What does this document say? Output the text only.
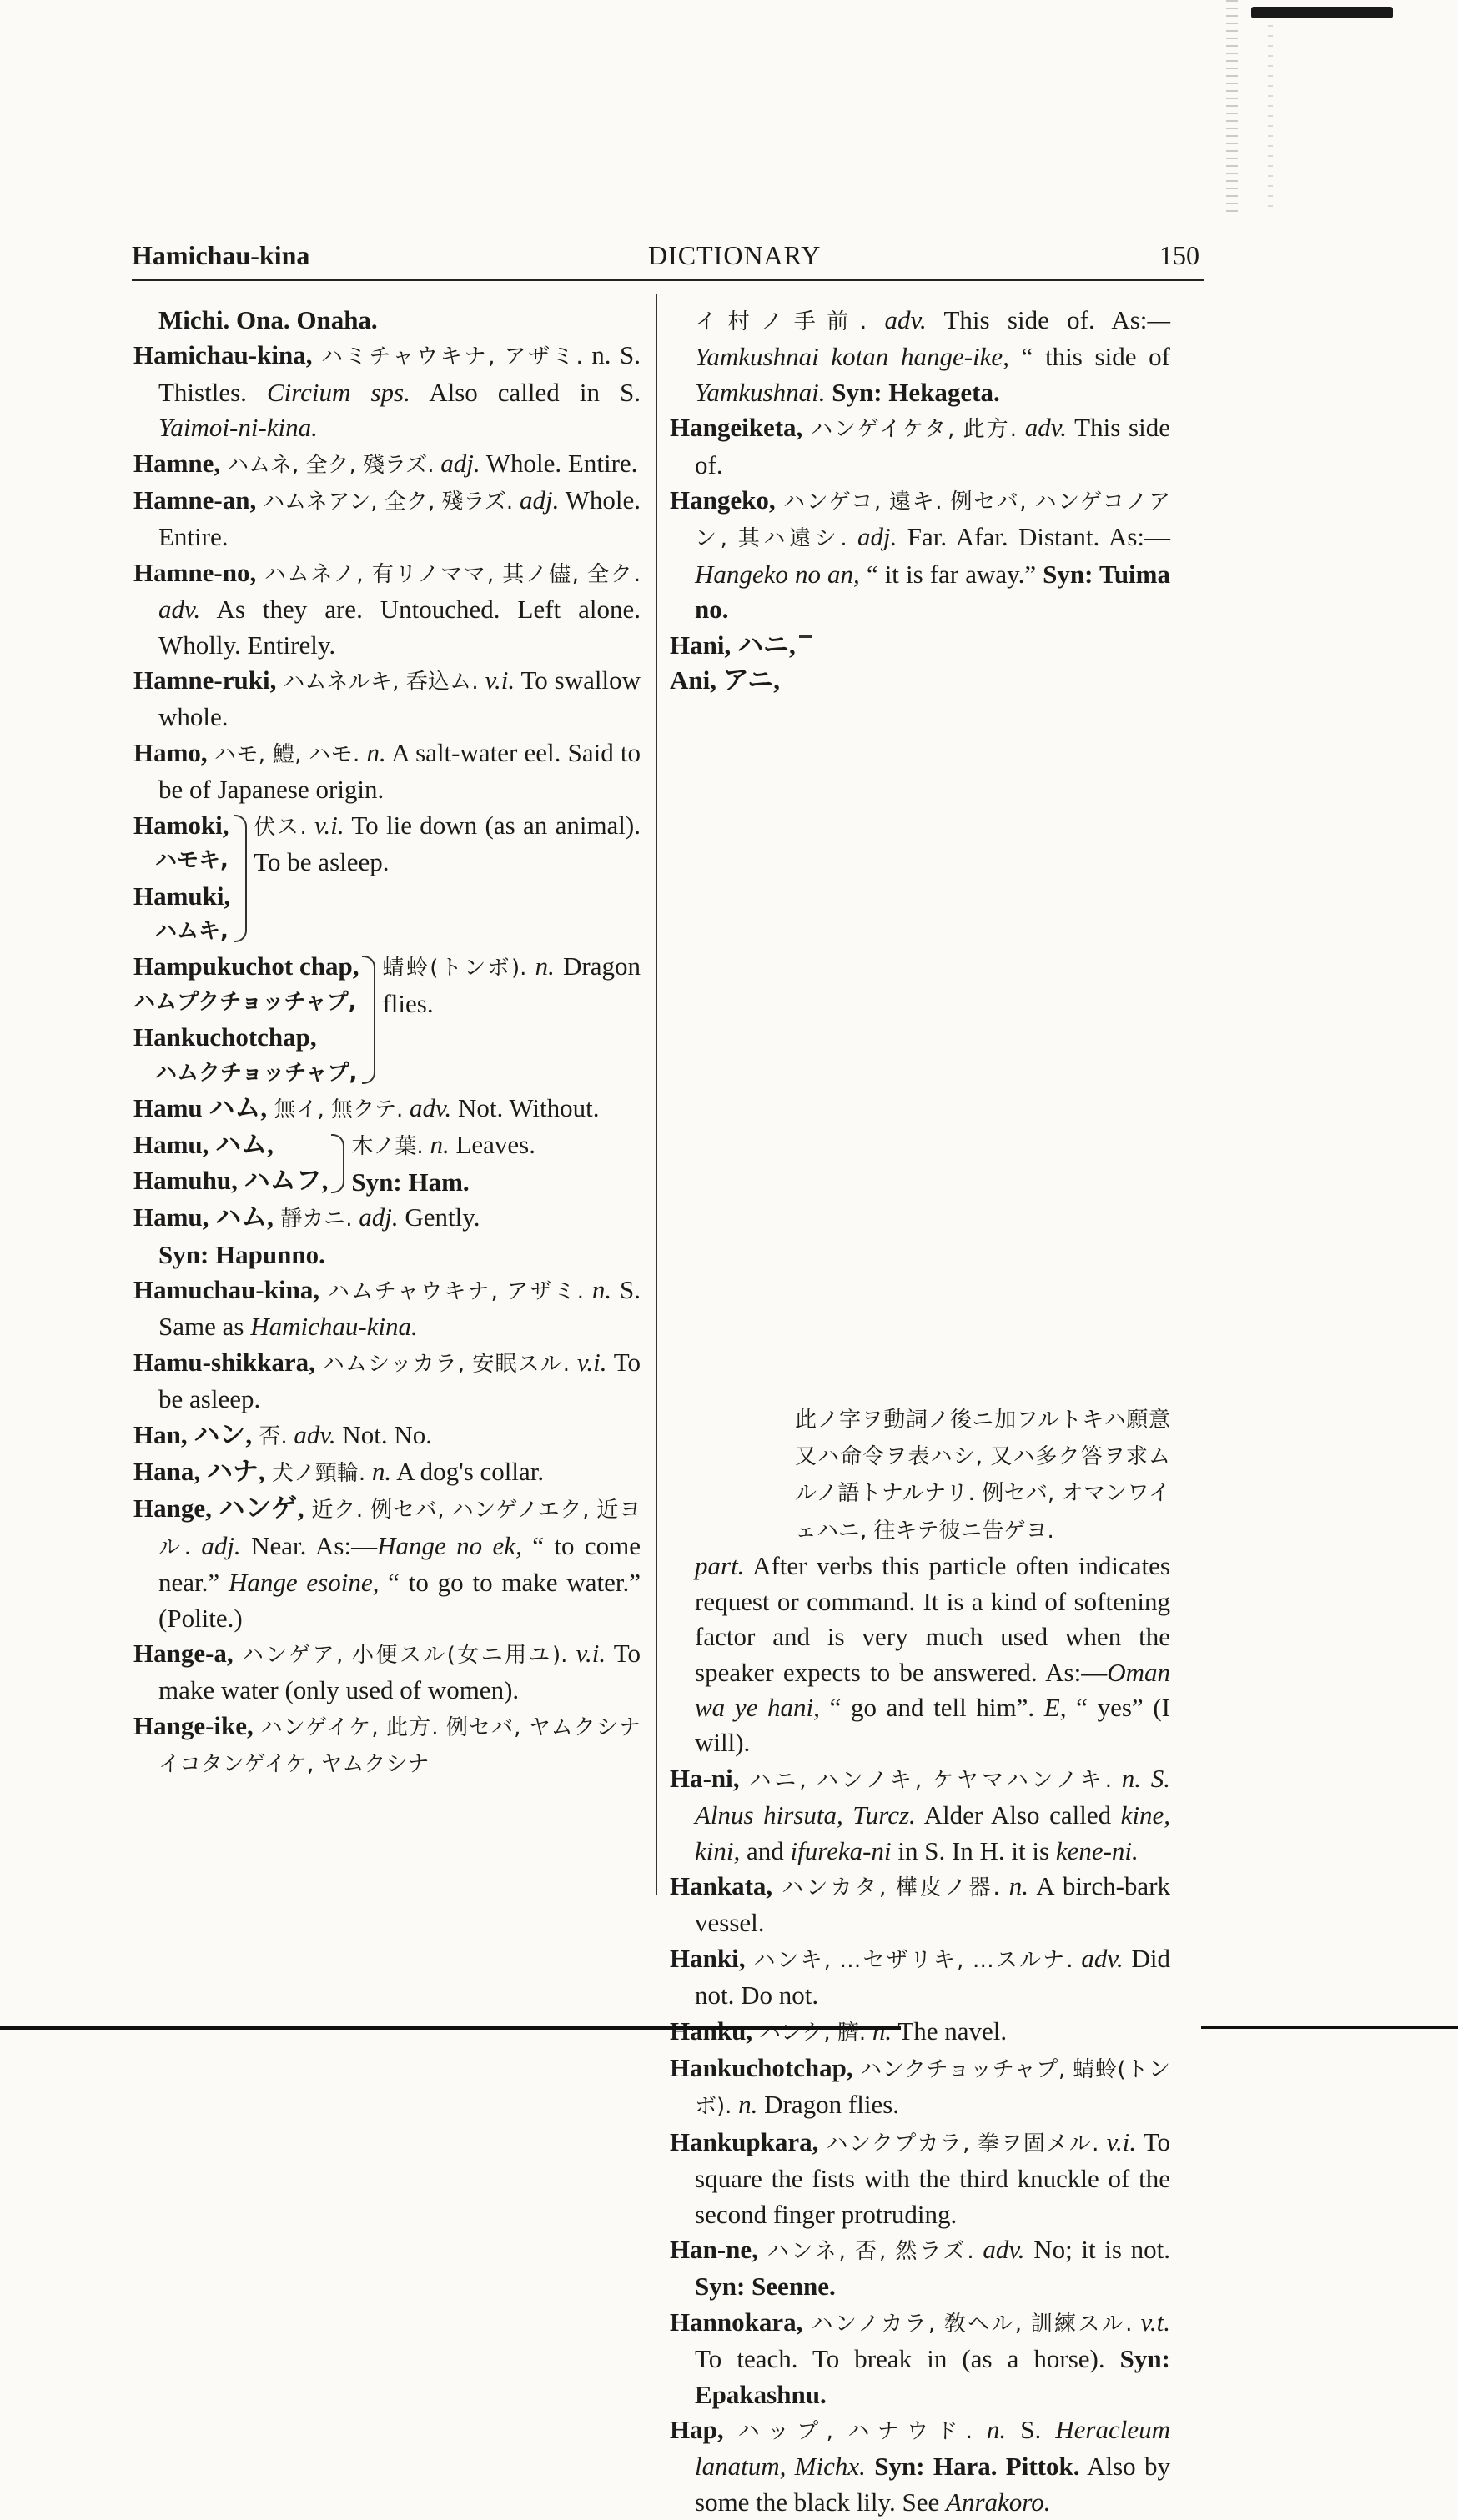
Hamichau-kina	DICTIONARY	150

Michi. Ona. Onaha.

Hamichau-kina, ハミチャウキナ, アザミ. n. S. Thistles. Circium sps. Also called in S. Yaimoi-ni-kina.

Hamne, ハムネ, 全ク, 殘ラズ. adj. Whole. Entire.

Hamne-an, ハムネアン, 全ク, 殘ラズ. adj. Whole. Entire.

Hamne-no, ハムネノ, 有リノママ, 其ノ儘, 全ク. adv. As they are. Untouched. Left alone. Wholly. Entirely.

Hamne-ruki, ハムネルキ, 呑込ム. v.i. To swallow whole.

Hamo, ハモ, 鱧, ハモ. n. A salt-water eel. Said to be of Japanese origin.

Hamoki,
ハモキ,
Hamuki,
ハムキ,
伏ス. v.i. To lie down (as an animal). To be asleep.
Hampukuchot chap,
ハムプクチョッチャプ,
Hankuchotchap,
ハムクチョッチャプ,
蜻蛉(トンボ). n. Dragon flies.

Hamu ハム, 無イ, 無クテ. adv. Not. Without.

Hamu, ハム,
Hamuhu, ハムフ,
木ノ葉. n. Leaves.
Syn: Ham.

Hamu, ハム, 靜カニ. adj. Gently.
Syn: Hapunno.

Hamuchau-kina, ハムチャウキナ, アザミ. n. S. Same as Hamichau-kina.

Hamu-shikkara, ハムシッカラ, 安眠スル. v.i. To be asleep.

Han, ハン, 否. adv. Not. No.

Hana, ハナ, 犬ノ頸輪. n. A dog's collar.

Hange, ハンゲ, 近ク. 例セバ, ハンゲノエク, 近ヨル. adj. Near. As:—Hange no ek, “ to come near.” Hange esoine, “ to go to make water.” (Polite.)

Hange-a, ハンゲア, 小便スル(女ニ用ユ). v.i. To make water (only used of women).

Hange-ike, ハンゲイケ, 此方. 例セバ, ヤムクシナイコタンゲイケ, ヤムクシナ

イ村ノ手前. adv. This side of. As:—Yamkushnai kotan hange-ike, “ this side of Yamkushnai. Syn: Hekageta.

Hangeiketa, ハンゲイケタ, 此方. adv. This side of.

Hangeko, ハンゲコ, 遠キ. 例セバ, ハンゲコノアン, 其ハ遠シ. adj. Far. Afar. Distant. As:—Hangeko no an, “ it is far away.” Syn: Tuima no.

Hani, ハニ,
Ani, アニ,

此ノ字ヲ動詞ノ後ニ加フルトキハ願意又ハ命令ヲ表ハシ, 又ハ多ク答ヲ求ムルノ語トナルナリ. 例セバ, オマンワイェハニ, 往キテ彼ニ告ゲヨ.

part. After verbs this particle often indicates request or command. It is a kind of softening factor and is very much used when the speaker expects to be answered. As:—Oman wa ye hani, “ go and tell him”. E, “ yes” (I will).

Ha-ni, ハニ, ハンノキ, ケヤマハンノキ. n. S. Alnus hirsuta, Turcz. Alder Also called kine, kini, and ifureka-ni in S. In H. it is kene-ni.

Hankata, ハンカタ, 樺皮ノ器. n. A birch-bark vessel.

Hanki, ハンキ, …セザリキ, …スルナ. adv. Did not. Do not.

Hanku, ハンク, 臍. n. The navel.

Hankuchotchap, ハンクチョッチャプ, 蜻蛉(トンボ). n. Dragon flies.

Hankupkara, ハンクプカラ, 拳ヲ固メル. v.i. To square the fists with the third knuckle of the second finger protruding.

Han-ne, ハンネ, 否, 然ラズ. adv. No; it is not. Syn: Seenne.

Hannokara, ハンノカラ, 敎ヘル, 訓練スル. v.t. To teach. To break in (as a horse). Syn: Epakashnu.

Hap, ハップ, ハナウド. n. S. Heracleum lanatum, Michx. Syn: Hara. Pittok. Also by some the black lily. See Anrakoro.
